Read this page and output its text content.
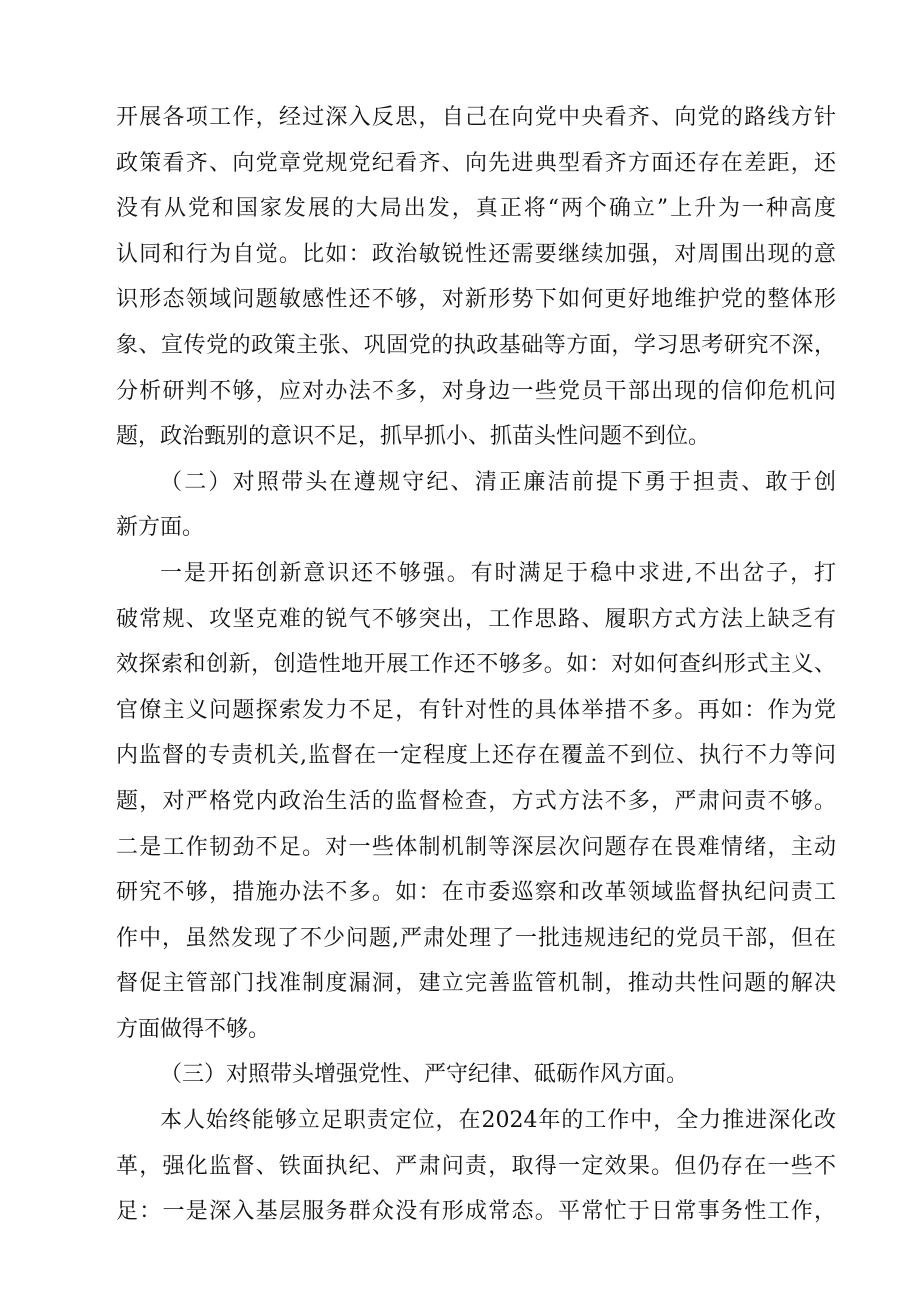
开展各项工作，经过深入反思，自己在向党中央看齐、向党的路线方针
政策看齐、向党章党规党纪看齐、向先进典型看齐方面还存在差距，还
没有从党和国家发展的大局出发，真正将“两个确立”上升为一种高度
认同和行为自觉。比如：政治敏锐性还需要继续加强，对周围出现的意
识形态领域问题敏感性还不够，对新形势下如何更好地维护党的整体形
象、宣传党的政策主张、巩固党的执政基础等方面，学习思考研究不深，
分析研判不够，应对办法不多，对身边一些党员干部出现的信仰危机问
题，政治甄别的意识不足，抓早抓小、抓苗头性问题不到位。
（二）对照带头在遵规守纪、清正廉洁前提下勇于担责、敢于创
新方面。
一是开拓创新意识还不够强。有时满足于稳中求进,不出岔子，打
破常规、攻坚克难的锐气不够突出，工作思路、履职方式方法上缺乏有
效探索和创新，创造性地开展工作还不够多。如：对如何查纠形式主义、
官僚主义问题探索发力不足，有针对性的具体举措不多。再如：作为党
内监督的专责机关,监督在一定程度上还存在覆盖不到位、执行不力等问
题，对严格党内政治生活的监督检查，方式方法不多，严肃问责不够。
二是工作韧劲不足。对一些体制机制等深层次问题存在畏难情绪，主动
研究不够，措施办法不多。如：在市委巡察和改革领域监督执纪问责工
作中，虽然发现了不少问题,严肃处理了一批违规违纪的党员干部，但在
督促主管部门找准制度漏洞，建立完善监管机制，推动共性问题的解决
方面做得不够。
（三）对照带头增强党性、严守纪律、砥砺作风方面。
本人始终能够立足职责定位，在2024年的工作中，全力推进深化改
革，强化监督、铁面执纪、严肃问责，取得一定效果。但仍存在一些不
足：一是深入基层服务群众没有形成常态。平常忙于日常事务性工作，
